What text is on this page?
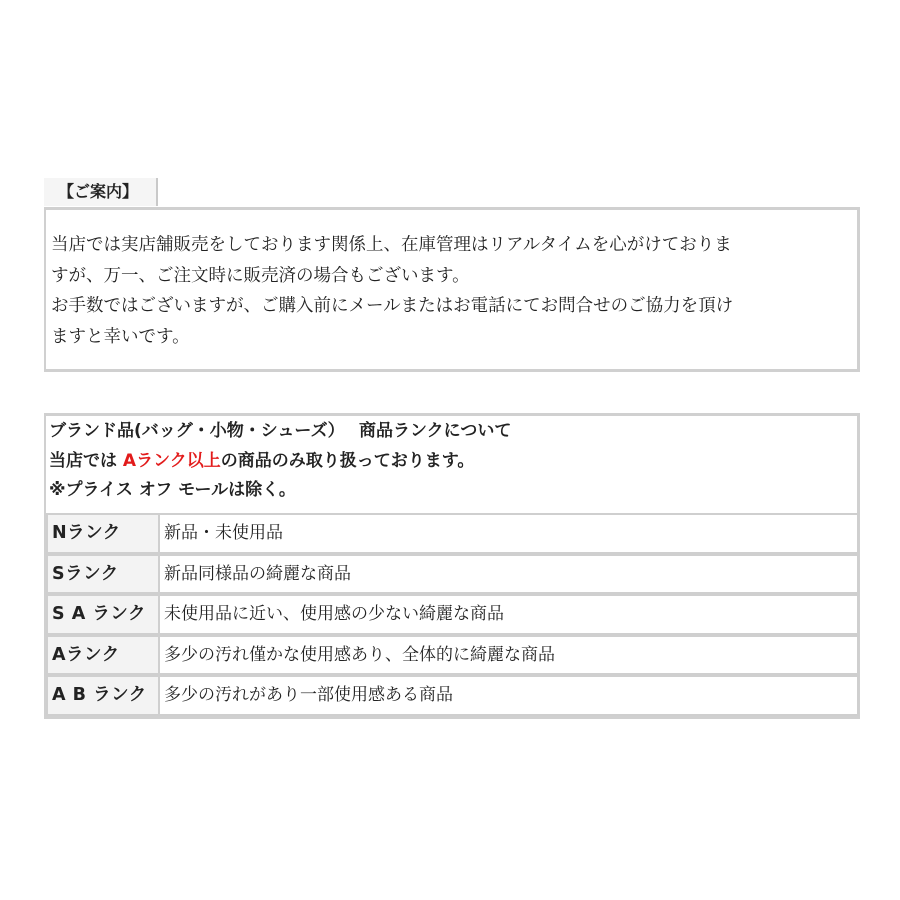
【ご案内】

当店では実店舗販売をしております関係上、在庫管理はリアルタイムを心がけておりま

すが、万一、ご注文時に販売済の場合もございます。

お手数ではございますが、ご購入前にメールまたはお電話にてお問合せのご協力を頂け

ますと幸いです。

ブランド品(バッグ・小物・シューズ）　 商品ランクについて
当店では Aランク以上の商品のみ取り扱っております。
※プライス オフ モールは除く。
Nランク	新品・未使用品
Sランク	新品同様品の綺麗な商品
S A ランク	未使用品に近い、使用感の少ない綺麗な商品
Aランク	多少の汚れ僅かな使用感あり、全体的に綺麗な商品
A B ランク	多少の汚れがあり一部使用感ある商品
